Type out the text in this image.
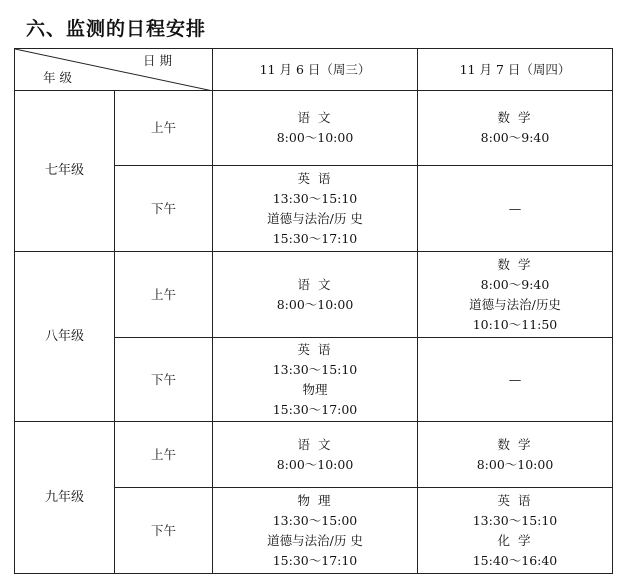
六、监测的日程安排
日 期
年 级		11 月 6 日（周三）	11 月 7 日（周四）
七年级	上午	语 文
8:00～10:00	数 学
8:00～9:40

	下午	英 语
13:30～15:10
道德与法治/历 史
15:30～17:10	—

八年级	上午	语 文
8:00～10:00	数 学
8:00～9:40
道德与法治/历史
10:10～11:50

	下午	英 语
13:30～15:10
物理
15:30～17:00	—

九年级	上午	语 文
8:00～10:00	数 学
8:00～10:00

	下午	物 理
13:30～15:00
道德与法治/历 史
15:30～17:10	英 语
13:30～15:10
化 学
15:40～16:40
